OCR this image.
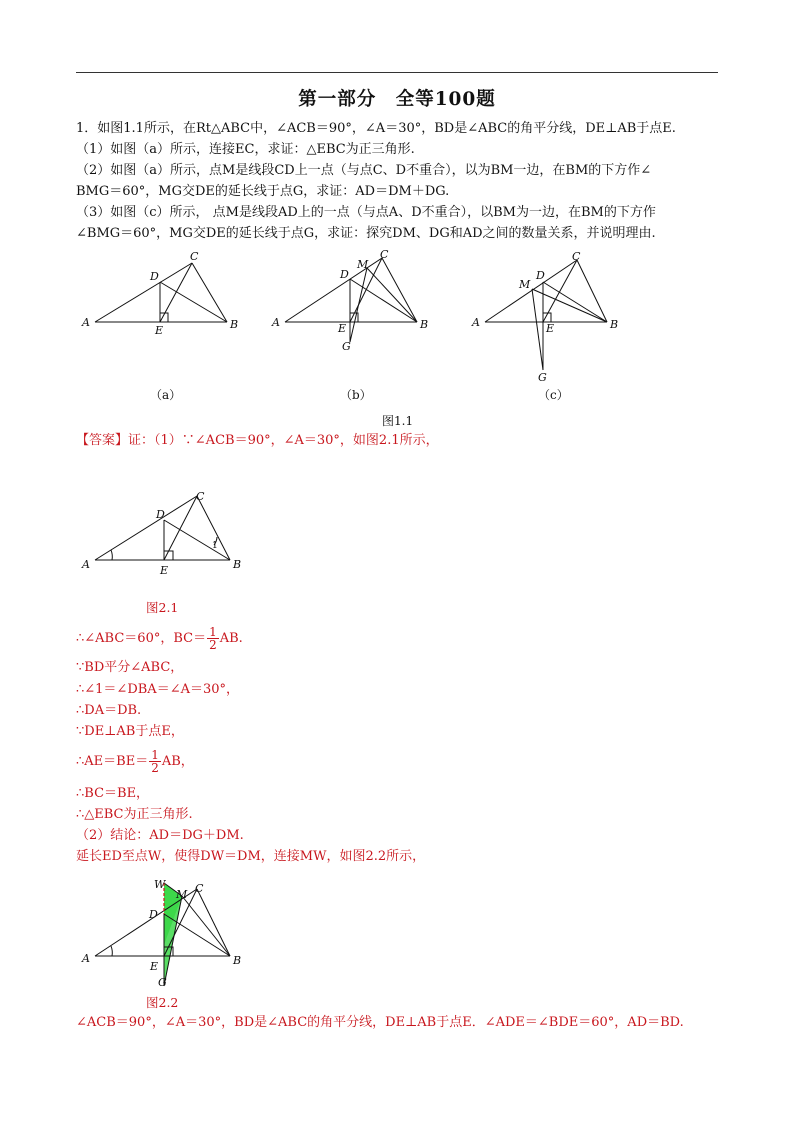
第一部分　全等100题
1．如图1.1所示，在Rt△ABC中，∠ACB＝90°，∠A＝30°，BD是∠ABC的角平分线，DE⊥AB于点E.
（1）如图（a）所示，连接EC，求证：△EBC为正三角形.
（2）如图（a）所示，点M是线段CD上一点（与点C、D不重合），以为BM一边，在BM的下方作∠
BMG＝60°，MG交DE的延长线于点G，求证：AD＝DM＋DG.
（3）如图（c）所示， 点M是线段AD上的一点（与点A、D不重合），以BM为一边，在BM的下方作
∠BMG＝60°，MG交DE的延长线于点G，求证：探究DM、DG和AD之间的数量关系，并说明理由.
A	B
C
D
E
（a）
A	B
C
D
M
E
G
（b）
A	B
C
D
M
E
G
（c）
图1.1
【答案】证：（1）∵∠ACB＝90°，∠A＝30°，如图2.1所示，
A	B
C
D
E
1
图2.1
∴∠ABC＝60°，$BC= \frac{1}{2}$ AB.
∵BD平分∠ABC，
∴∠1＝∠DBA＝∠A＝30°，
∴DA＝DB.
∵DE⊥AB于点E，
∴AE＝BE＝ $\frac{1}{2}$ AB，
∴BC＝BE，
∴△EBC为正三角形.
（2）结论：AD＝DG＋DM.
延长ED至点W，使得DW＝DM，连接MW，如图2.2所示，
W
M C
D
A	B
E
G
图2.2
∠ACB＝90°，∠A＝30°，BD是∠ABC的角平分线，DE⊥AB于点E．∠ADE＝∠BDE＝60°，AD＝BD.
